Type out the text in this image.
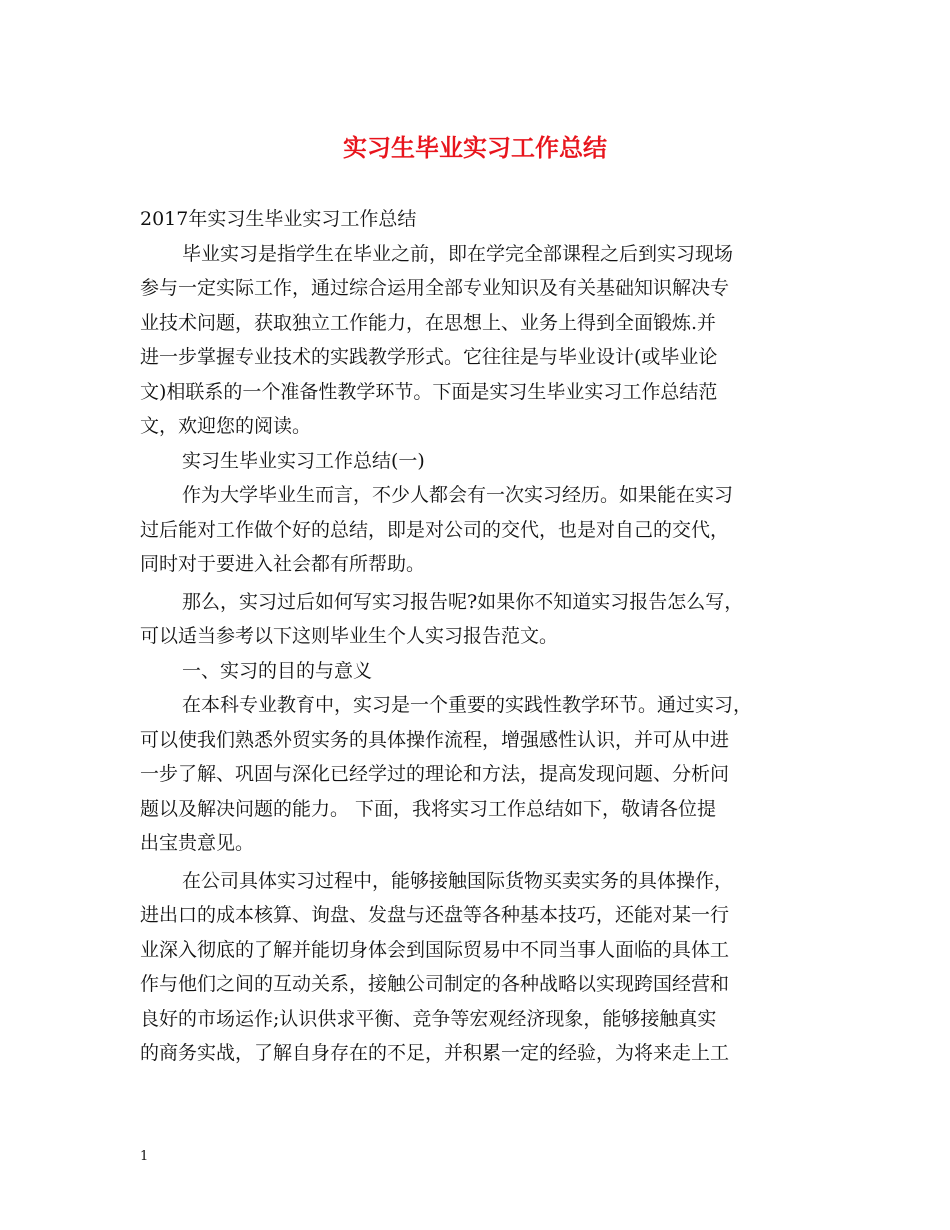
实习生毕业实习工作总结
2017年实习生毕业实习工作总结
毕业实习是指学生在毕业之前，即在学完全部课程之后到实习现场
参与一定实际工作，通过综合运用全部专业知识及有关基础知识解决专
业技术问题，获取独立工作能力，在思想上、业务上得到全面锻炼.并
进一步掌握专业技术的实践教学形式。它往往是与毕业设计(或毕业论
文)相联系的一个准备性教学环节。下面是实习生毕业实习工作总结范
文，欢迎您的阅读。
实习生毕业实习工作总结(一)
作为大学毕业生而言，不少人都会有一次实习经历。如果能在实习
过后能对工作做个好的总结，即是对公司的交代，也是对自己的交代，
同时对于要进入社会都有所帮助。
那么，实习过后如何写实习报告呢?如果你不知道实习报告怎么写，
可以适当参考以下这则毕业生个人实习报告范文。
一、实习的目的与意义
在本科专业教育中，实习是一个重要的实践性教学环节。通过实习，
可以使我们熟悉外贸实务的具体操作流程，增强感性认识，并可从中进
一步了解、巩固与深化已经学过的理论和方法，提高发现问题、分析问
题以及解决问题的能力。 下面，我将实习工作总结如下，敬请各位提
出宝贵意见。
在公司具体实习过程中，能够接触国际货物买卖实务的具体操作，
进出口的成本核算、询盘、发盘与还盘等各种基本技巧，还能对某一行
业深入彻底的了解并能切身体会到国际贸易中不同当事人面临的具体工
作与他们之间的互动关系，接触公司制定的各种战略以实现跨国经营和
良好的市场运作;认识供求平衡、竞争等宏观经济现象，能够接触真实
的商务实战，了解自身存在的不足，并积累一定的经验，为将来走上工
1
